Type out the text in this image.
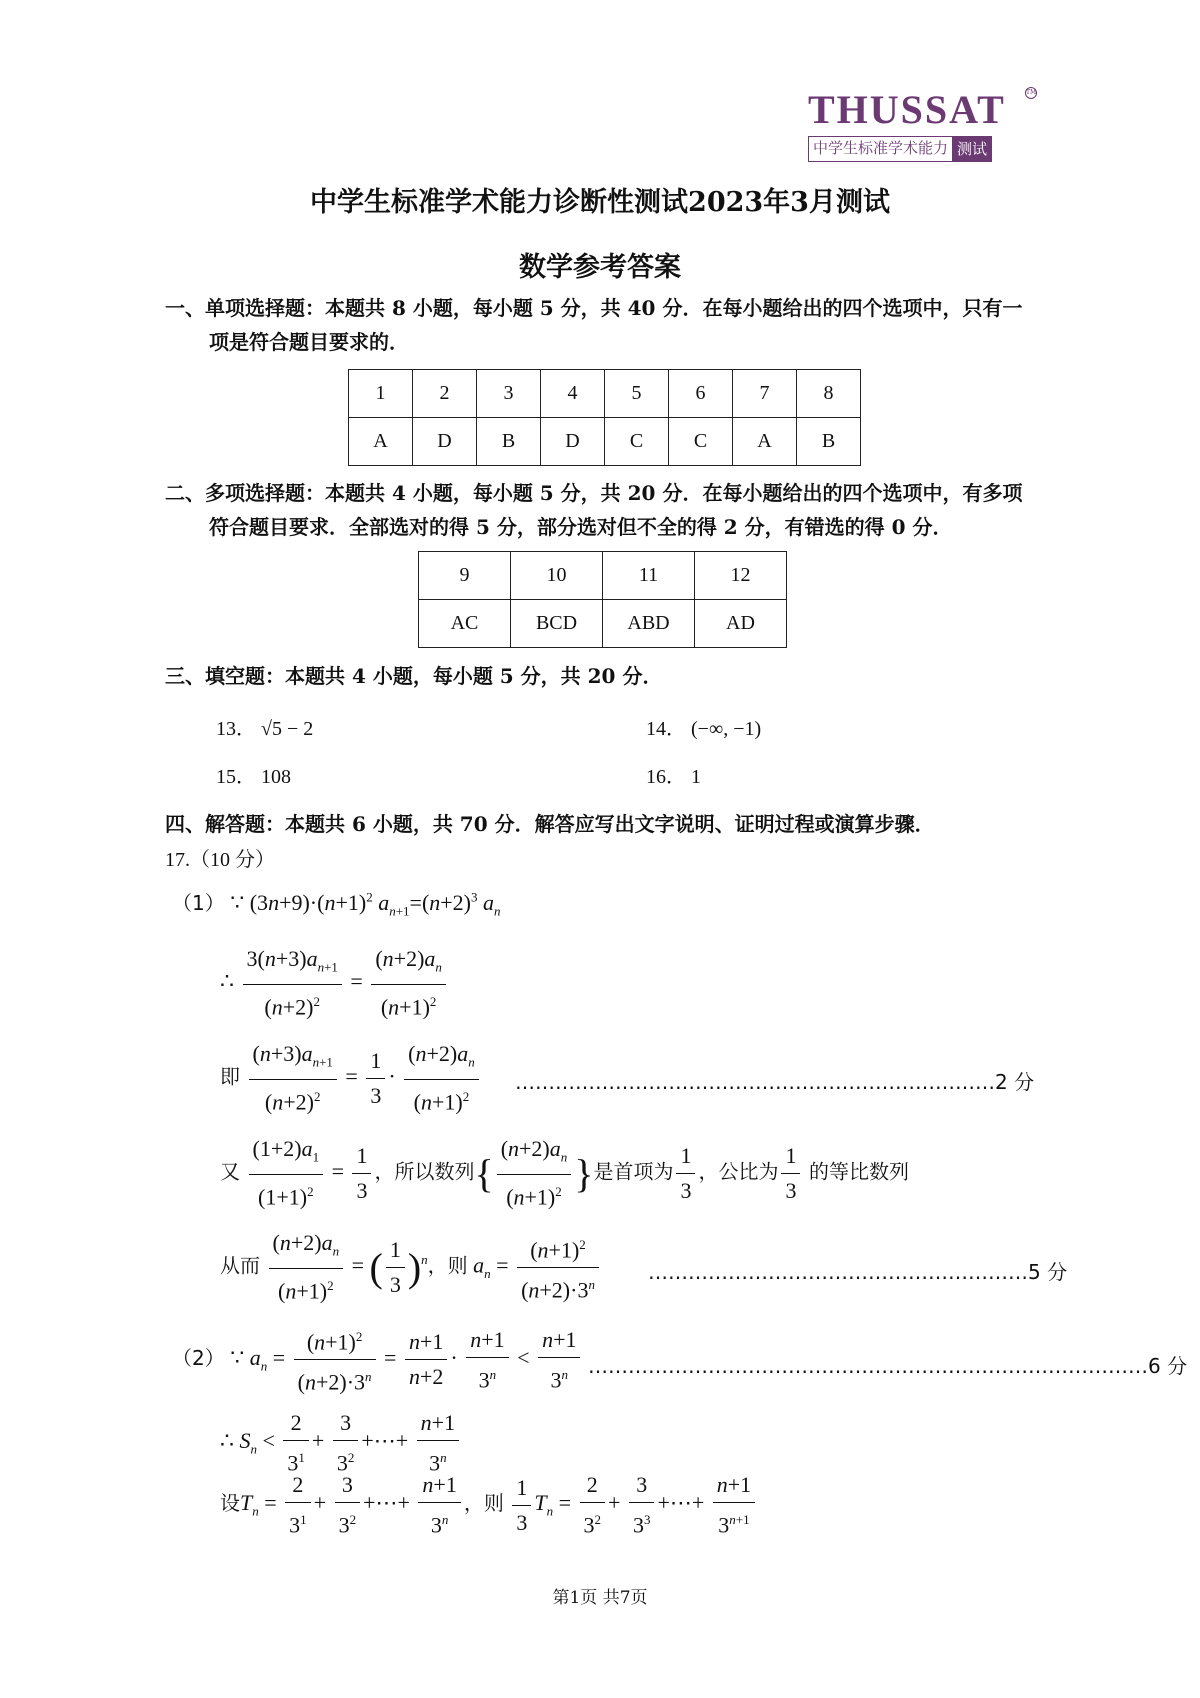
THUSSAT	TM
中学生标准学术能力 测试
中学生标准学术能力诊断性测试2023年3月测试
数学参考答案
一、单项选择题：本题共 8 小题，每小题 5 分，共 40 分．在每小题给出的四个选项中，只有一
项是符合题目要求的．
1	2	3	4	5	6	7	8
A	D	B	D	C	C	A	B
二、多项选择题：本题共 4 小题，每小题 5 分，共 20 分．在每小题给出的四个选项中，有多项
符合题目要求．全部选对的得 5 分，部分选对但不全的得 2 分，有错选的得 0 分．
9	10	11	12
AC	BCD	ABD	AD
三、填空题：本题共 4 小题，每小题 5 分，共 20 分．
13． √5 − 2	14． (−∞, −1)
15． 108	16． 1
四、解答题：本题共 6 小题，共 70 分．解答应写出文字说明、证明过程或演算步骤．
17.（10 分）
（1） ∵ $(3n+9)\cdot(n+1)^2$ $a_{n+1}=(n+2)^3$ $a_n$
∴ $\frac{3(n+3)a_{n+1}}{(n+2)^2} = \frac{(n+2)a_n}{(n+1)^2}$
即 $\frac{(n+3)a_{n+1}}{(n+2)^2} = \frac{1}{3} \cdot \frac{(n+2)a_n}{(n+1)^2}$ ………………………………………………………………2 分
又 $\frac{(1+2)a_1}{(1+1)^2} = \frac{1}{3}$ ，所以数列{ $\frac{(n+2)a_n}{(n+1)^2}$ }是首项为 $\frac{1}{3}$ ，公比为 $\frac{1}{3}$ 的等比数列
从而 $\frac{(n+2)a_n}{(n+1)^2}$ = ( $\frac{1}{3} )^n$，则 $a_n = \frac{(n+1)^2}{(n+2)\cdot 3^n}$ …………………………………………………5 分
（2） ∵ $a_n = \frac{(n+1)^2}{(n+2)\cdot 3^n} = \frac{n+1}{n+2} \cdot \frac{n+1}{3^n} < \frac{n+1}{3^n}$ …………………………………………………………………………6 分
∴ $S_n < \frac{2}{3^1} + \frac{3}{3^2}$ +⋯+ $\frac{n+1}{3^n}$
设$T_n = \frac{2}{3^1} + \frac{3}{3^2}$ +⋯+ $\frac{n+1}{3^n}$ ，则 $\frac{1}{3} T_n = \frac{2}{3^2} + \frac{3}{3^3}$ +⋯+ $\frac{n+1}{3^{n+1}}$
第1页 共7页
